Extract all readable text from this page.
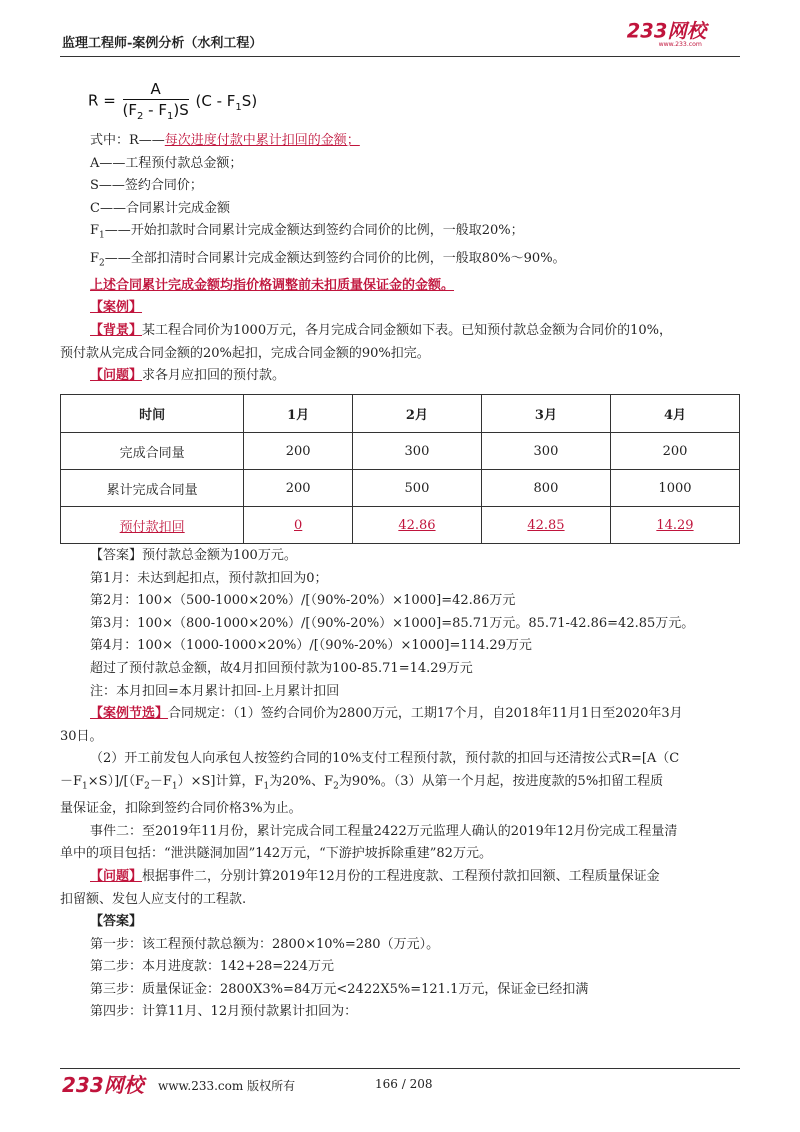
监理工程师-案例分析（水利工程）
233网校
www.233.com
$R = \frac{A}{(F_2 - F_1)S} (C - F_1S)$
式中：R——每次进度付款中累计扣回的金额；
A——工程预付款总金额；
S——签约合同价；
C——合同累计完成金额
$F_1——$开始扣款时合同累计完成金额达到签约合同价的比例，一般取20%；
$F_2——$全部扣清时合同累计完成金额达到签约合同价的比例，一般取80%～90%。
上述合同累计完成金额均指价格调整前未扣质量保证金的金额。
【案例】
【背景】某工程合同价为1000万元，各月完成合同金额如下表。已知预付款总金额为合同价的10%，
预付款从完成合同金额的20%起扣，完成合同金额的90%扣完。
【问题】求各月应扣回的预付款。
时间	1月	2月	3月	4月
完成合同量	200	300	300	200
累计完成合同量	200	500	800	1000
预付款扣回	0	42.86	42.85	14.29
【答案】预付款总金额为100万元。
第1月：未达到起扣点，预付款扣回为0；
第2月：100×（500-1000×20%）/[（90%-20%）×1000]=42.86万元
第3月：100×（800-1000×20%）/[（90%-20%）×1000]=85.71万元。85.71-42.86=42.85万元。
第4月：100×（1000-1000×20%）/[（90%-20%）×1000]=114.29万元
超过了预付款总金额，故4月扣回预付款为100-85.71=14.29万元
注：本月扣回=本月累计扣回-上月累计扣回
【案例节选】合同规定：（1）签约合同价为2800万元，工期17个月，自2018年11月1日至2020年3月
30日。
（2）开工前发包人向承包人按签约合同的10%支付工程预付款，预付款的扣回与还清按公式R=[A（C
$-F_1\times S)]/[(F_2-F_1)\times S]$计算，$F_1$为20%、$F_2$为90%。（3）从第一个月起，按进度款的5%扣留工程质
量保证金，扣除到签约合同价格3%为止。
事件二：至2019年11月份，累计完成合同工程量2422万元监理人确认的2019年12月份完成工程量清
单中的项目包括：“泄洪隧洞加固”142万元，“下游护坡拆除重建”82万元。
【问题】根据事件二，分别计算2019年12月份的工程进度款、工程预付款扣回额、工程质量保证金
扣留额、发包人应支付的工程款.
【答案】
第一步：该工程预付款总额为：2800×10%=280（万元）。
第二步：本月进度款：142+28=224万元
第三步：质量保证金：2800X3%=84万元<2422X5%=121.1万元，保证金已经扣满
第四步：计算11月、12月预付款累计扣回为：
233网校	www.233.com 版权所有	166 / 208
